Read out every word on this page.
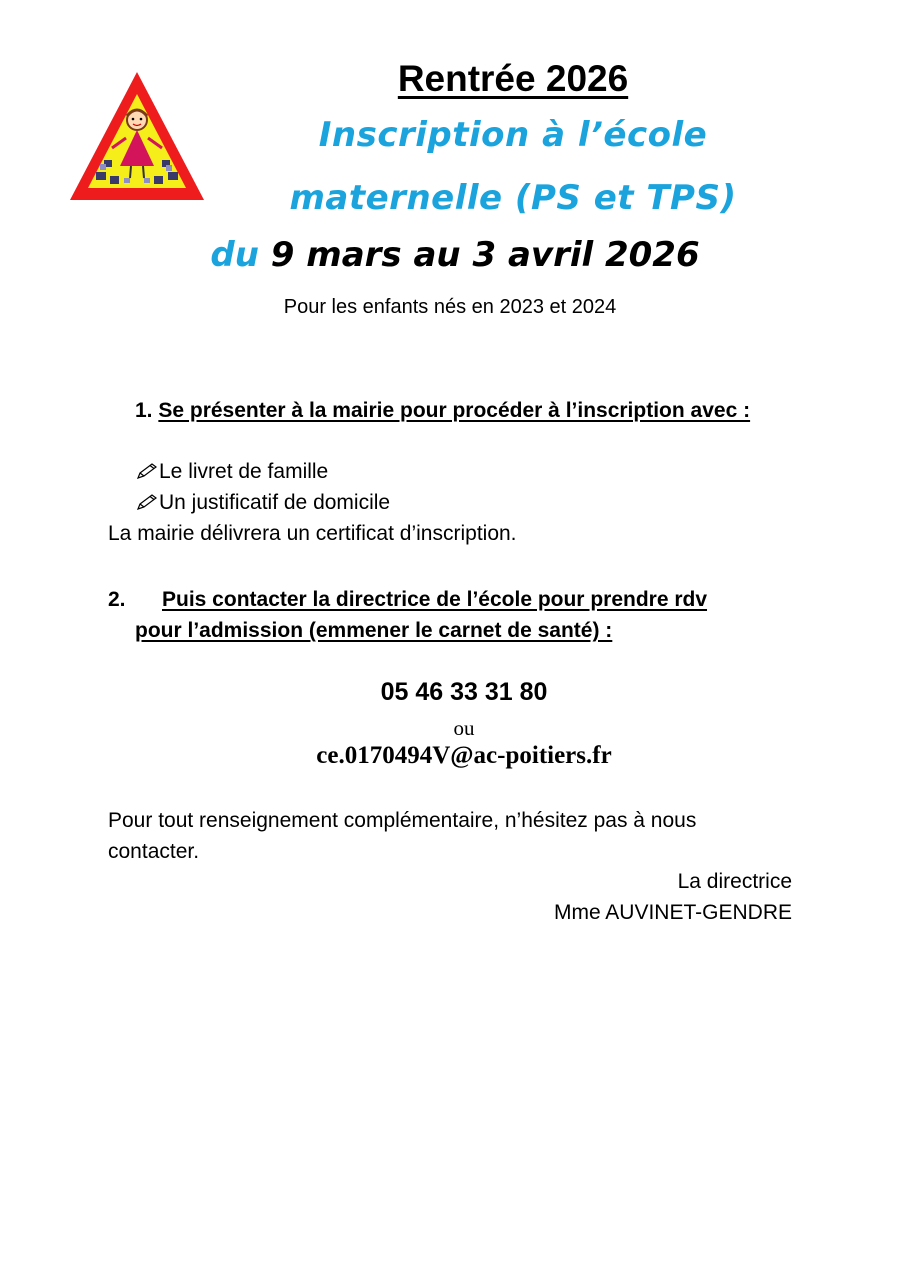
Rentrée 2026
Inscription à l’école
maternelle (PS et TPS)
du 9 mars au 3 avril 2026
Pour les enfants nés en 2023 et 2024
1. Se présenter à la mairie pour procéder à l’inscription avec :
Le livret de famille
Un justificatif de domicile
La mairie délivrera un certificat d’inscription.
2. Puis contacter la directrice de l’école pour prendre rdv
pour l’admission (emmener le carnet de santé) :
05 46 33 31 80
ou
ce.0170494V@ac-poitiers.fr
Pour tout renseignement complémentaire, n’hésitez pas à nous
contacter.
La directrice
Mme AUVINET-GENDRE
